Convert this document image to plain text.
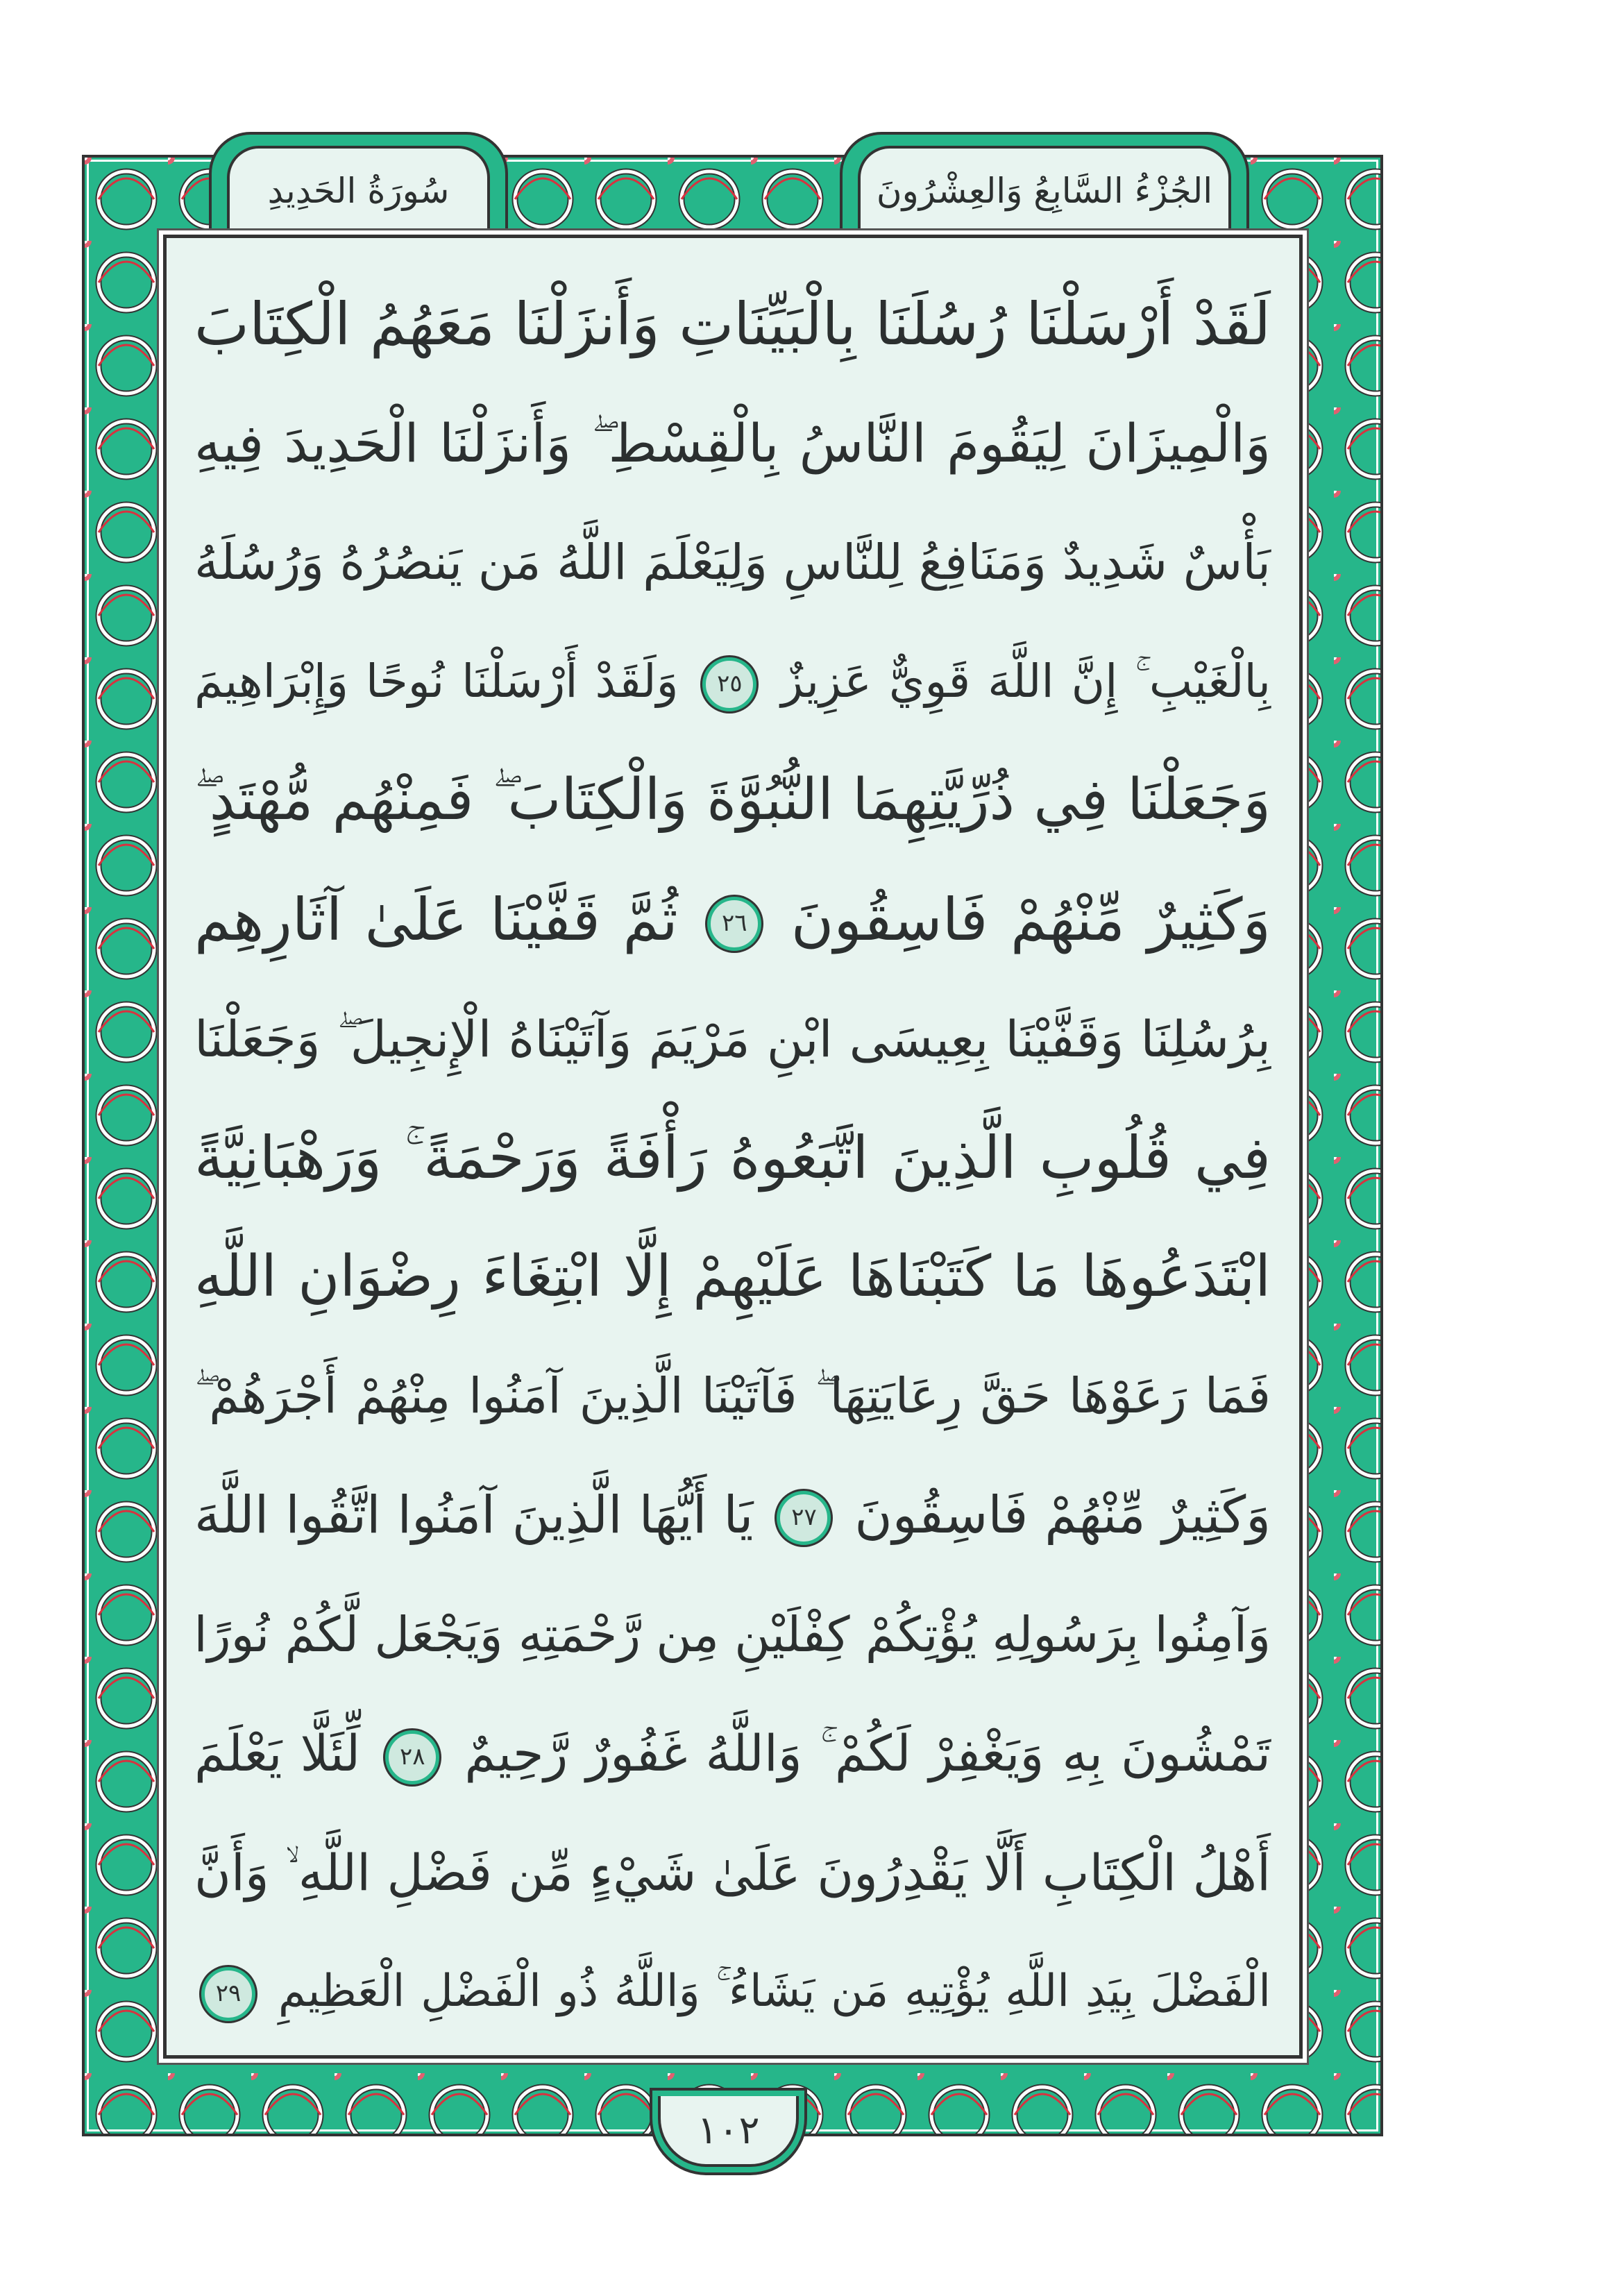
سُورَةُ الحَدِيدِ	الجُزْءُ السَّابِعُ وَالعِشْرُونَ
لَقَدْ أَرْسَلْنَا رُسُلَنَا بِالْبَيِّنَاتِ وَأَنزَلْنَا مَعَهُمُ الْكِتَابَ
وَالْمِيزَانَ لِيَقُومَ النَّاسُ بِالْقِسْطِ ۖ وَأَنزَلْنَا الْحَدِيدَ فِيهِ
بَأْسٌ شَدِيدٌ وَمَنَافِعُ لِلنَّاسِ وَلِيَعْلَمَ اللَّهُ مَن يَنصُرُهُ وَرُسُلَهُ
بِالْغَيْبِ ۚ إِنَّ اللَّهَ قَوِيٌّ عَزِيزٌ ٢٥ وَلَقَدْ أَرْسَلْنَا نُوحًا وَإِبْرَاهِيمَ
وَجَعَلْنَا فِي ذُرِّيَّتِهِمَا النُّبُوَّةَ وَالْكِتَابَ ۖ فَمِنْهُم مُّهْتَدٍ ۖ
وَكَثِيرٌ مِّنْهُمْ فَاسِقُونَ ٢٦ ثُمَّ قَفَّيْنَا عَلَىٰ آثَارِهِم
بِرُسُلِنَا وَقَفَّيْنَا بِعِيسَى ابْنِ مَرْيَمَ وَآتَيْنَاهُ الْإِنجِيلَ ۖ وَجَعَلْنَا
فِي قُلُوبِ الَّذِينَ اتَّبَعُوهُ رَأْفَةً وَرَحْمَةً ۚ وَرَهْبَانِيَّةً
ابْتَدَعُوهَا مَا كَتَبْنَاهَا عَلَيْهِمْ إِلَّا ابْتِغَاءَ رِضْوَانِ اللَّهِ
فَمَا رَعَوْهَا حَقَّ رِعَايَتِهَا ۖ فَآتَيْنَا الَّذِينَ آمَنُوا مِنْهُمْ أَجْرَهُمْ ۖ
وَكَثِيرٌ مِّنْهُمْ فَاسِقُونَ ٢٧ يَا أَيُّهَا الَّذِينَ آمَنُوا اتَّقُوا اللَّهَ
وَآمِنُوا بِرَسُولِهِ يُؤْتِكُمْ كِفْلَيْنِ مِن رَّحْمَتِهِ وَيَجْعَل لَّكُمْ نُورًا
تَمْشُونَ بِهِ وَيَغْفِرْ لَكُمْ ۚ وَاللَّهُ غَفُورٌ رَّحِيمٌ ٢٨ لِّئَلَّا يَعْلَمَ
أَهْلُ الْكِتَابِ أَلَّا يَقْدِرُونَ عَلَىٰ شَيْءٍ مِّن فَضْلِ اللَّهِ ۙ وَأَنَّ
الْفَضْلَ بِيَدِ اللَّهِ يُؤْتِيهِ مَن يَشَاءُ ۚ وَاللَّهُ ذُو الْفَضْلِ الْعَظِيمِ ٢٩
١٠٢
